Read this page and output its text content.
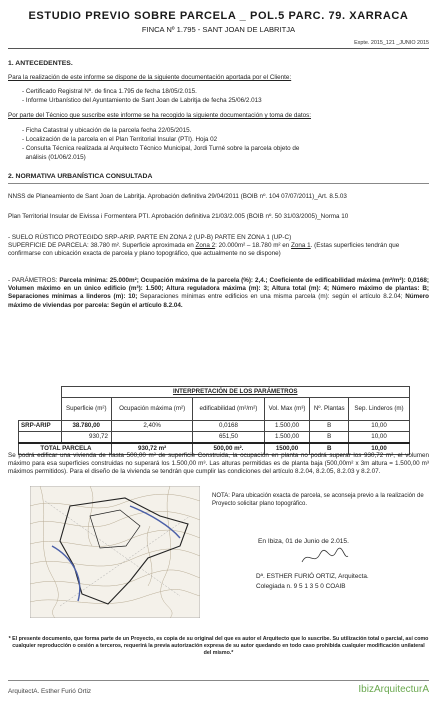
ESTUDIO PREVIO SOBRE PARCELA _ POL.5 PARC. 79. XARRACA
FINCA Nº 1.795 - SANT JOAN DE LABRITJA
Expte. 2015_121 _JUNIO 2015
1. ANTECEDENTES.
Para la realización de este informe se dispone de la siguiente documentación aportada por el Cliente:
- Certificado Registral Nº. de finca 1.795 de fecha 18/05/2.015.
- Informe Urbanístico del Ayuntamiento de Sant Joan de Labritja de fecha 25/06/2.013
Por parte del Técnico que suscribe este informe se ha recogido la siguiente documentación y toma de datos:
- Ficha Catastral y ubicación de la parcela fecha 22/05/2015.
- Localización de la parcela en el Plan Territorial Insular (PTI). Hoja 02
- Consulta Técnica realizada al Arquitecto Técnico Municipal, Jordi Turné sobre la parcela objeto de
análisis (01/06/2.015)
2. NORMATIVA URBANÍSTICA CONSULTADA
NNSS de Planeamiento de Sant Joan de Labritja. Aprobación definitiva 29/04/2011 (BOIB nº. 104 07/07/2011)_Art. 8.5.03
Plan Territorial Insular de Eivissa i Formentera PTI. Aprobación definitiva 21/03/2.005 (BOIB nº. 50 31/03/2005)_Norma 10
- SUELO RÚSTICO PROTEGIDO SRP-ARIP. PARTE EN ZONA 2 (UP-B) PARTE EN ZONA 1 (UP-C)
SUPERFICIE DE PARCELA: 38.780 m². Superficie aproximada en Zona 2: 20.000m² – 18.780 m² en Zona 1. (Estas superficies tendrán que confirmarse con ubicación exacta de parcela y plano topográfico, que actualmente no se dispone)
- PARÁMETROS: Parcela mínima: 25.000m²; Ocupación máxima de la parcela (%): 2,4.; Coeficiente de edificabilidad máxima (m²/m²): 0,0168; Volumen máximo en un único edificio (m³): 1.500; Altura reguladora máxima (m): 3; Altura total (m): 4; Número máximo de plantas: B; Separaciones mínimas a linderos (m): 10; Separaciones mínimas entre edificios en una misma parcela (m): según el artículo 8.2.04; Número máximo de viviendas por parcela: Según el artículo 8.2.04.
	INTERPRETACIÓN DE LOS PARÁMETROS					
	Superficie (m²)	Ocupación máxima (m²)	edificabilidad (m²/m²)	Vol. Max (m³)	Nº. Plantas	Sep. Linderos (m)
SRP-ARIP	38.780,00	2,40%	0,0168	1.500,00	B	10,00
	930,72		651,50	1.500,00	B	10,00
TOTAL PARCELA		930,72 m²	500,00 m².	1500,00	B	10,00
Se podrá edificar una vivienda de hasta 500,00 m² de superficie Construida, la ocupación en planta no podrá superar los 930,72 m², el volumen máximo para esa superficies construidas no superará los 1.500,00 m³. Las alturas permitidas es de planta baja (500,00m² x 3m altura = 1.500,00 m³ máximos permitidos). Para el diseño de la vivienda se tendrán que cumplir las condiciones del artículo 8.2.04, 8.2.05, 8.2.03 y 8.2.07.
NOTA: Para ubicación exacta de parcela, se aconseja previo a la realización de Proyecto solicitar plano topográfico.
En Ibiza, 01 de Junio de 2.015.
Dª. ESTHER FURIÓ ORTIZ, Arquitecta.
Colegiada n. 9 5 1 3 5 0 COAIB
* El presente documento, que forma parte de un Proyecto, es copia de su original del que es autor el Arquitecto que lo suscribe. Su utilización total o parcial, así como cualquier reproducción o cesión a terceros, requerirá la previa autorización expresa de su autor quedando en todo caso prohibida cualquier modificación unilateral del mismo.*
ArquitectA. Esther Furió Ortiz	IbizArquitecturA
